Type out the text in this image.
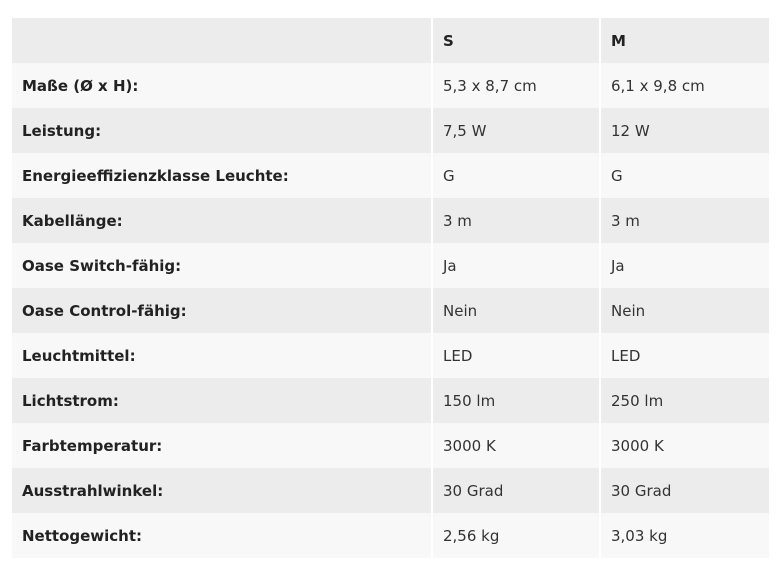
	S	M
Maße (Ø x H):	5,3 x 8,7 cm	6,1 x 9,8 cm
Leistung:	7,5 W	12 W
Energieeffizienzklasse Leuchte:	G	G
Kabellänge:	3 m	3 m
Oase Switch-fähig:	Ja	Ja
Oase Control-fähig:	Nein	Nein
Leuchtmittel:	LED	LED
Lichtstrom:	150 lm	250 lm
Farbtemperatur:	3000 K	3000 K
Ausstrahlwinkel:	30 Grad	30 Grad
Nettogewicht:	2,56 kg	3,03 kg
